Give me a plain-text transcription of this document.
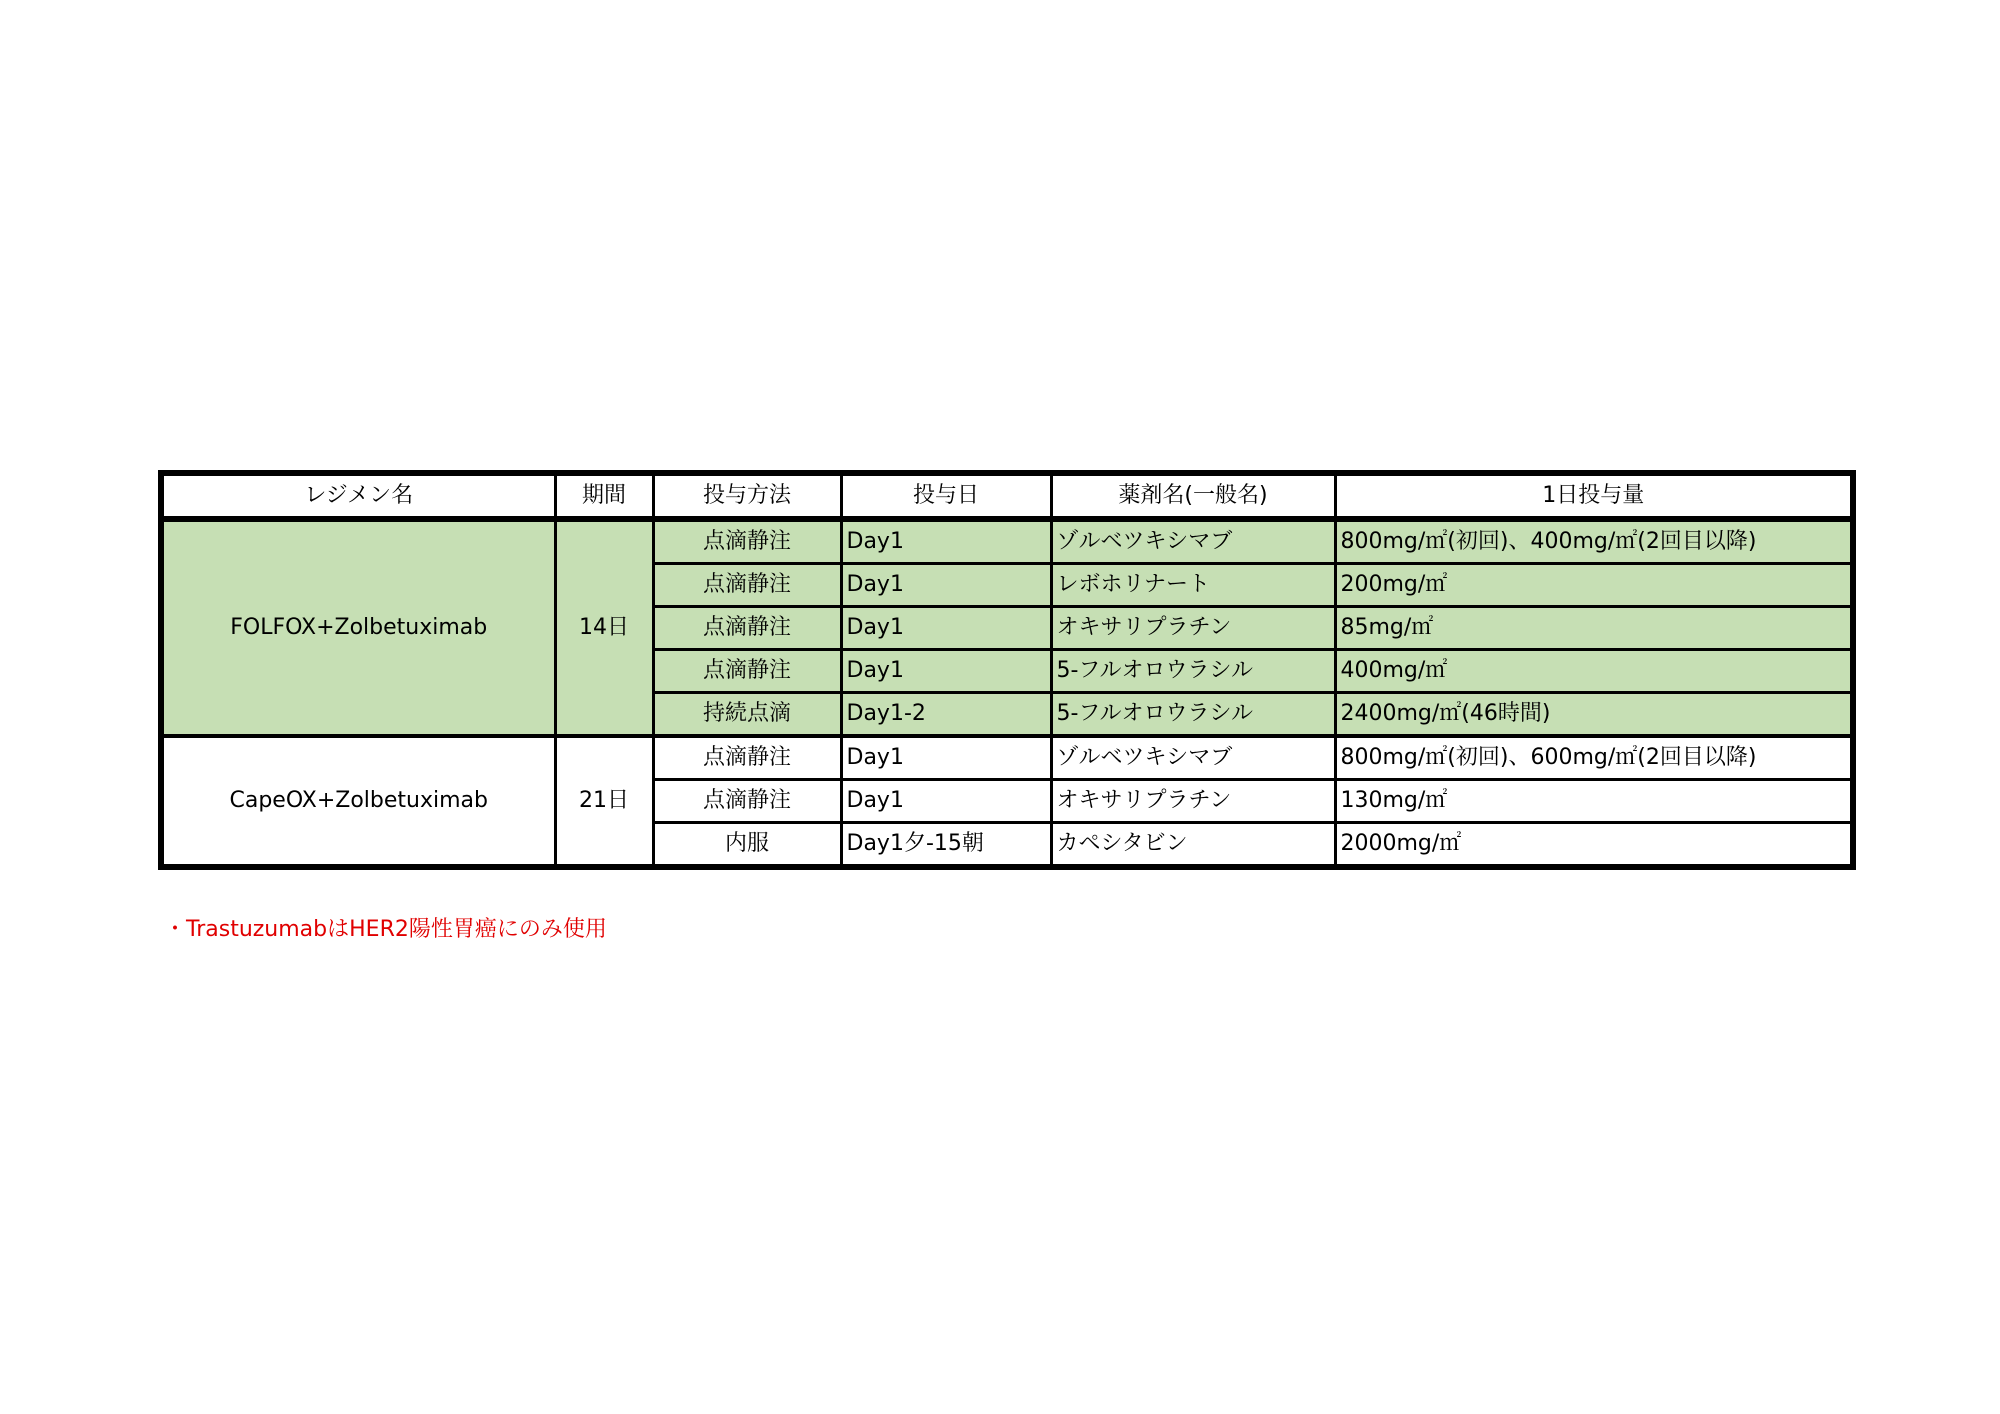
レジメン名	期間	投与方法	投与日	薬剤名(一般名)	1日投与量
FOLFOX+Zolbetuximab	14日	点滴静注	Day1	ゾルベツキシマブ	800mg/㎡(初回)、400mg/㎡(2回目以降)
		点滴静注	Day1	レボホリナート	200mg/㎡
		点滴静注	Day1	オキサリプラチン	85mg/㎡
		点滴静注	Day1	5-フルオロウラシル	400mg/㎡
		持続点滴	Day1-2	5-フルオロウラシル	2400mg/㎡(46時間)
CapeOX+Zolbetuximab	21日	点滴静注	Day1	ゾルベツキシマブ	800mg/㎡(初回)、600mg/㎡(2回目以降)
		点滴静注	Day1	オキサリプラチン	130mg/㎡
		内服	Day1夕-15朝	カペシタビン	2000mg/㎡
・TrastuzumabはHER2陽性胃癌にのみ使用
